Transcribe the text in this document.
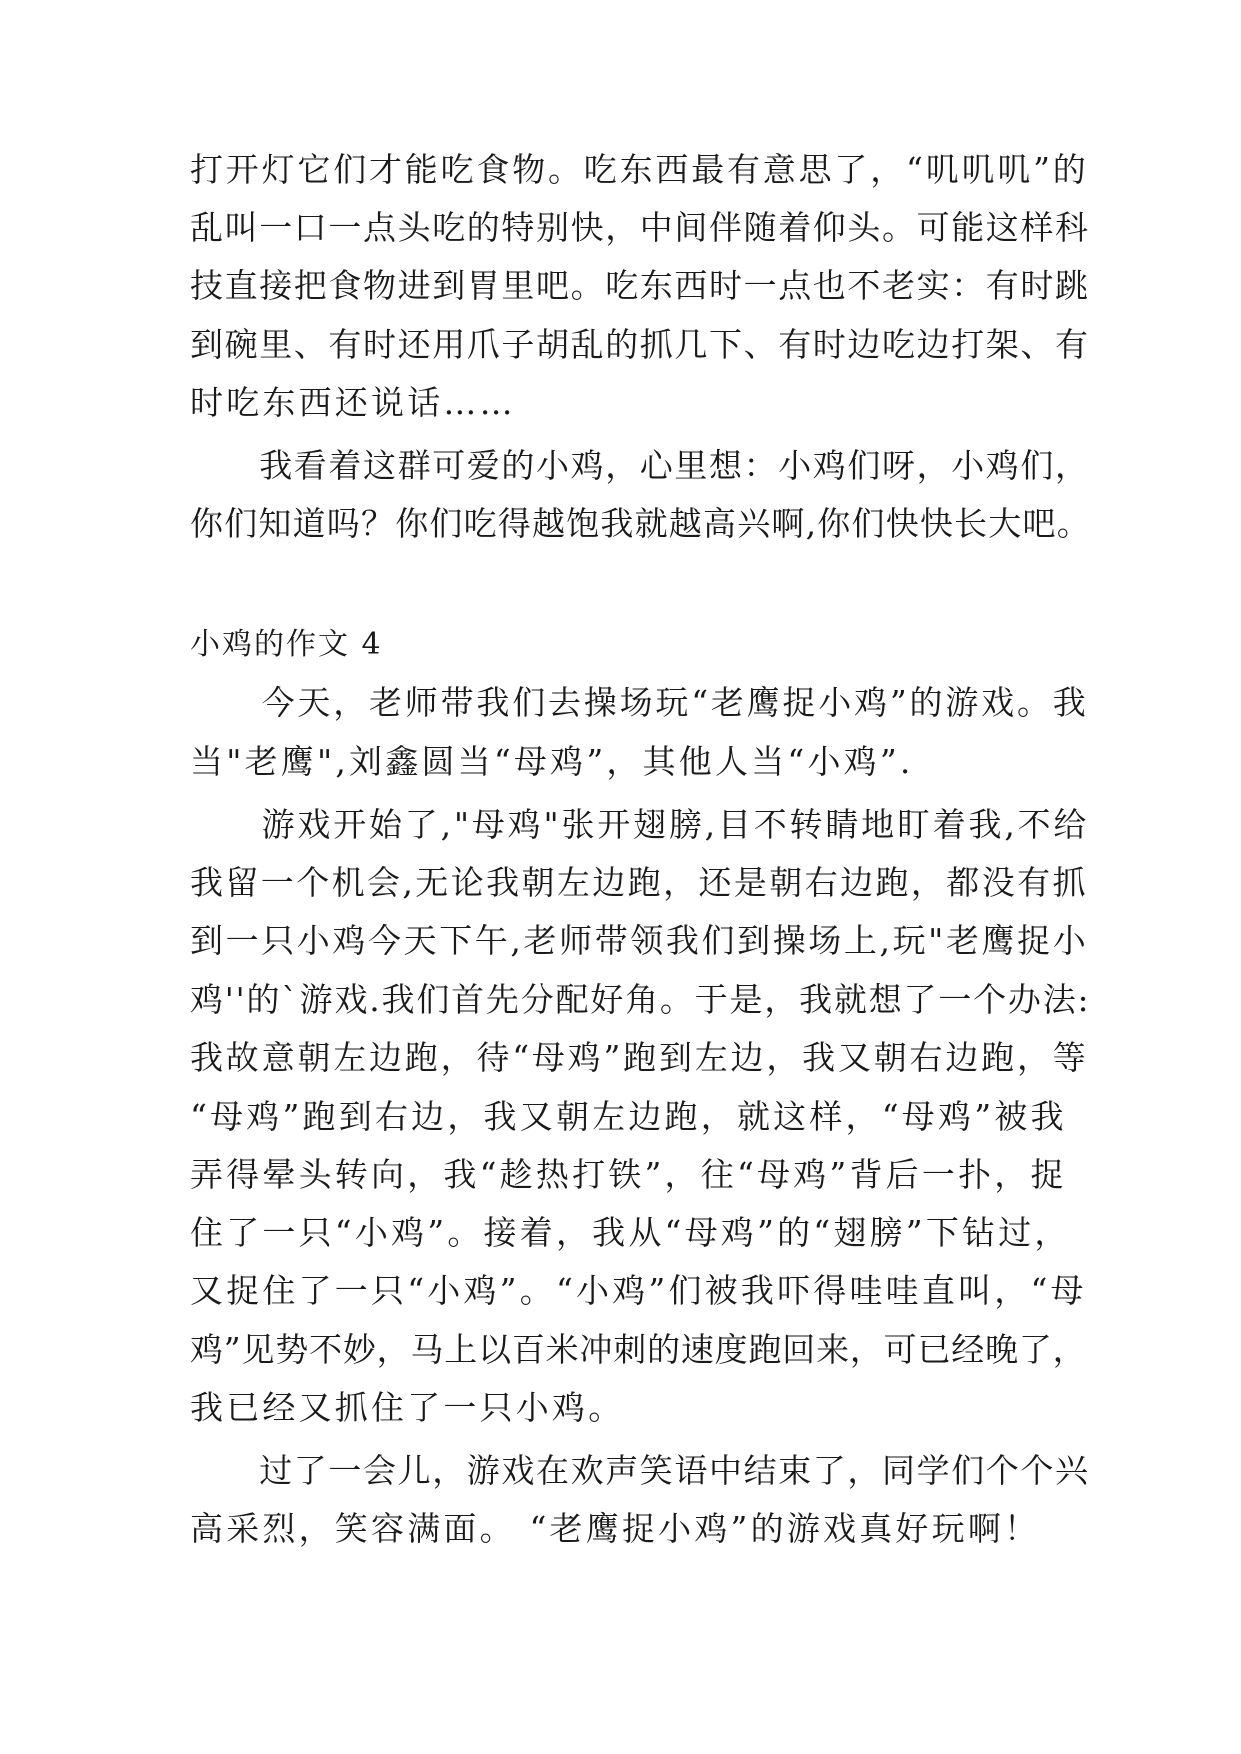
打开灯它们才能吃食物。吃东西最有意思了，“叽叽叽”的
乱叫一口一点头吃的特别快，中间伴随着仰头。可能这样科
技直接把食物进到胃里吧。吃东西时一点也不老实：有时跳
到碗里、有时还用爪子胡乱的抓几下、有时边吃边打架、有
时吃东西还说话……
　　我看着这群可爱的小鸡，心里想：小鸡们呀，小鸡们，
你们知道吗？你们吃得越饱我就越高兴啊,你们快快长大吧。
小鸡的作文 4
　　今天，老师带我们去操场玩“老鹰捉小鸡”的游戏。我
当"老鹰",刘鑫圆当“母鸡”，其他人当“小鸡”.
　　游戏开始了,"母鸡"张开翅膀,目不转睛地盯着我,不给
我留一个机会,无论我朝左边跑，还是朝右边跑，都没有抓
到一只小鸡今天下午,老师带领我们到操场上,玩"老鹰捉小
鸡''的`游戏.我们首先分配好角。于是，我就想了一个办法:
我故意朝左边跑，待“母鸡”跑到左边，我又朝右边跑，等
“母鸡”跑到右边，我又朝左边跑，就这样，“母鸡”被我
弄得晕头转向，我“趁热打铁”，往“母鸡”背后一扑，捉
住了一只“小鸡”。接着，我从“母鸡”的“翅膀”下钻过，
又捉住了一只“小鸡”。“小鸡”们被我吓得哇哇直叫，“母
鸡”见势不妙，马上以百米冲刺的速度跑回来，可已经晚了，
我已经又抓住了一只小鸡。
　　过了一会儿，游戏在欢声笑语中结束了，同学们个个兴
高采烈，笑容满面。 “老鹰捉小鸡”的游戏真好玩啊！
